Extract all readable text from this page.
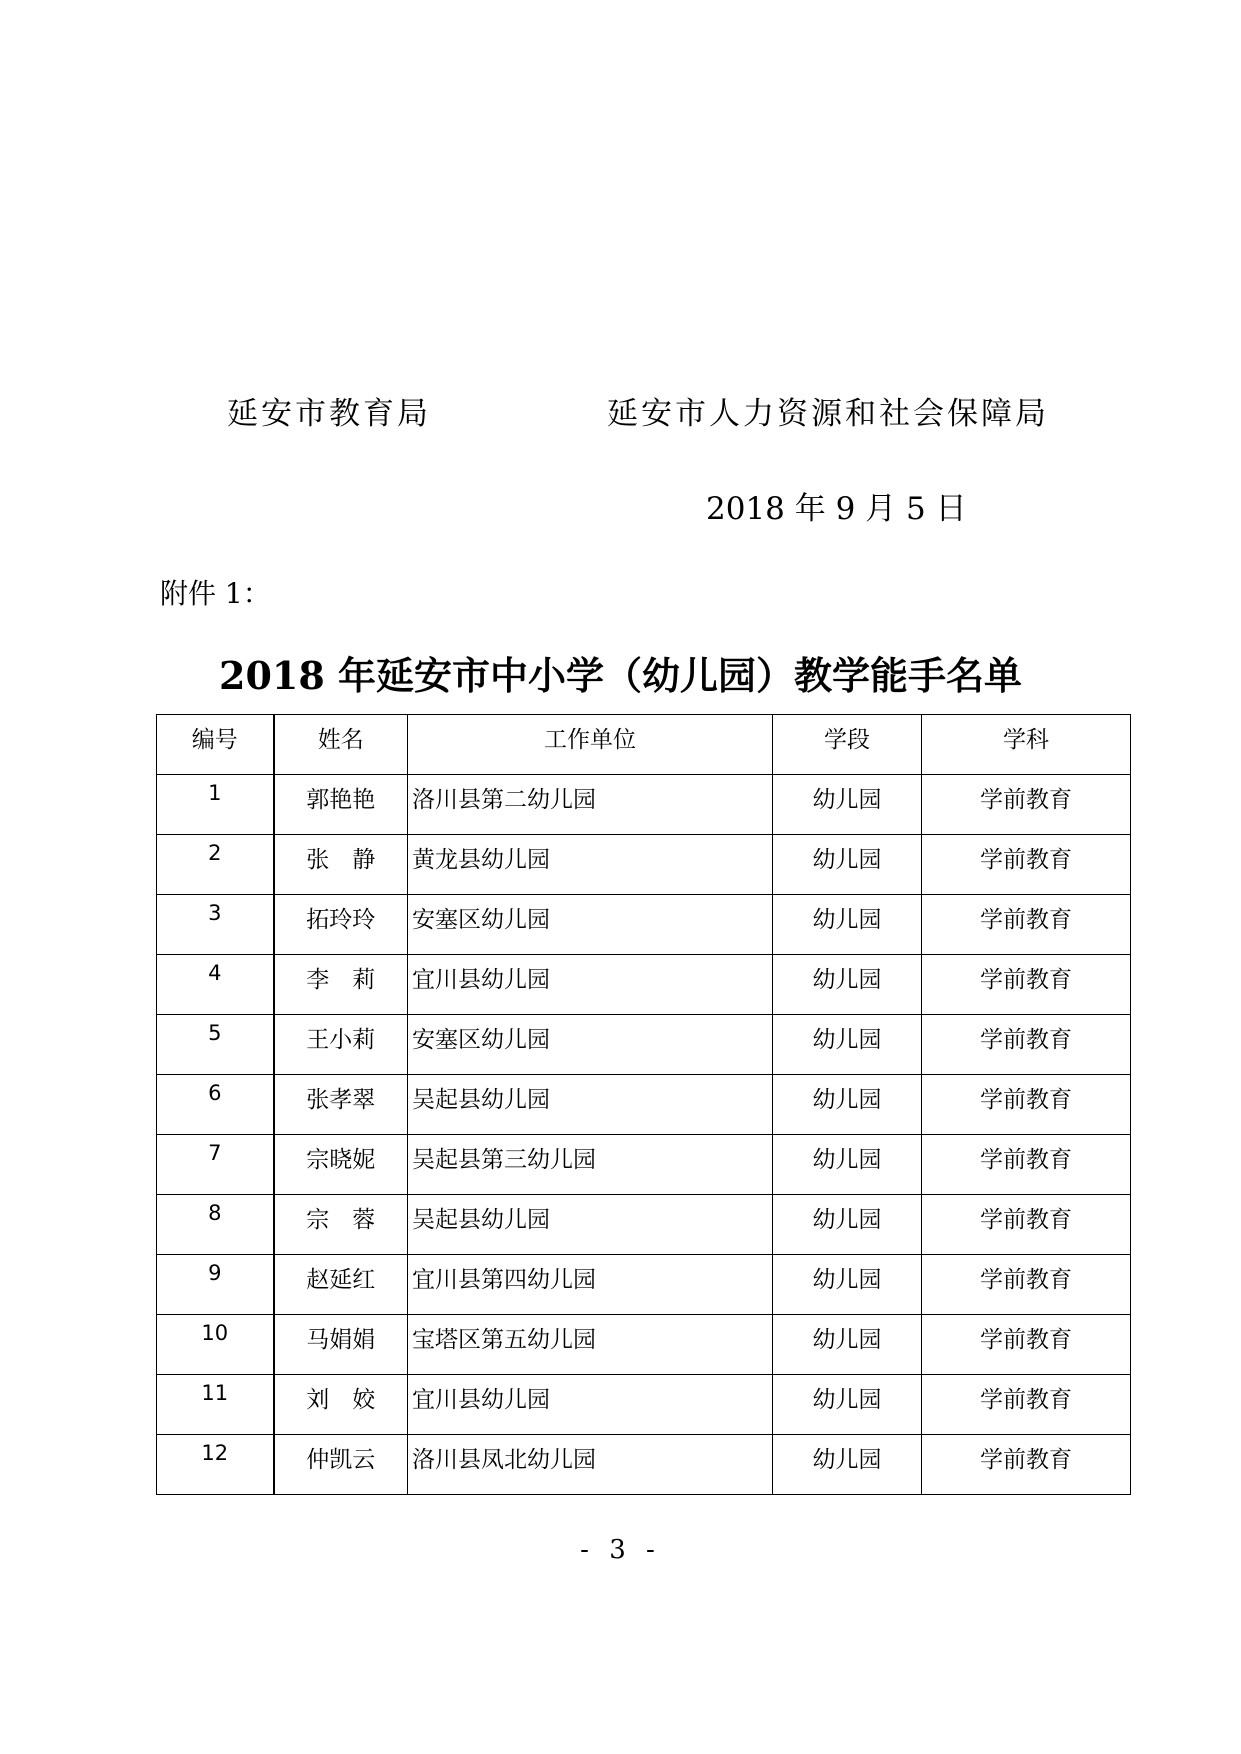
延安市教育局	延安市人力资源和社会保障局
2018 年 9 月 5 日
附件 1：
2018 年延安市中小学（幼儿园）教学能手名单
编号	姓名	工作单位	学段	学科
1	郭艳艳	洛川县第二幼儿园	幼儿园	学前教育
2	张　静	黄龙县幼儿园	幼儿园	学前教育
3	拓玲玲	安塞区幼儿园	幼儿园	学前教育
4	李　莉	宜川县幼儿园	幼儿园	学前教育
5	王小莉	安塞区幼儿园	幼儿园	学前教育
6	张孝翠	吴起县幼儿园	幼儿园	学前教育
7	宗晓妮	吴起县第三幼儿园	幼儿园	学前教育
8	宗　蓉	吴起县幼儿园	幼儿园	学前教育
9	赵延红	宜川县第四幼儿园	幼儿园	学前教育
10	马娟娟	宝塔区第五幼儿园	幼儿园	学前教育
11	刘　姣	宜川县幼儿园	幼儿园	学前教育
12	仲凯云	洛川县凤北幼儿园	幼儿园	学前教育
- 3 -
